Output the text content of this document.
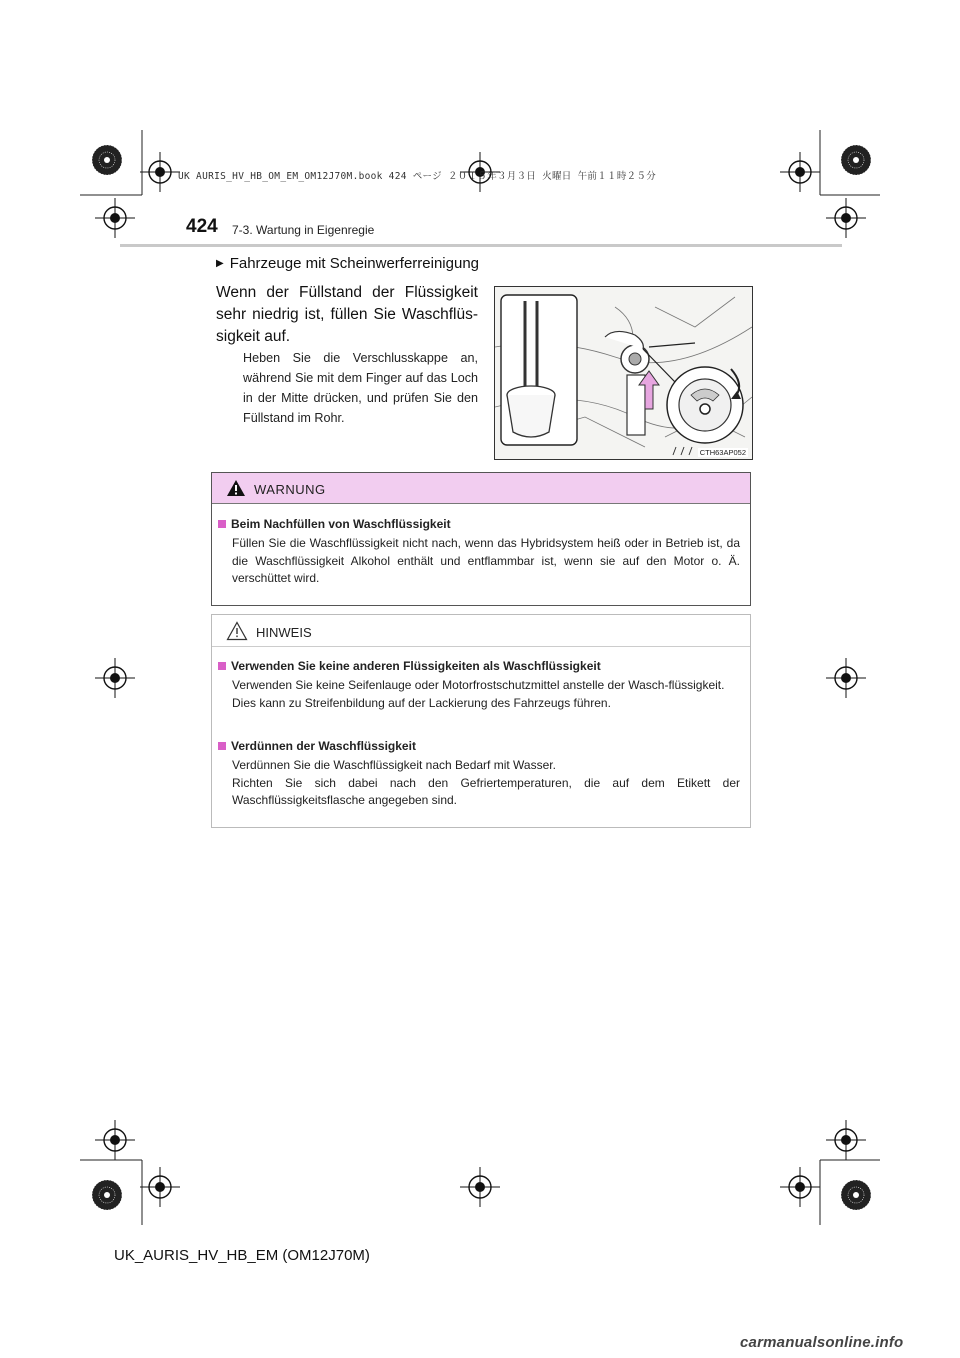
UK AURIS_HV_HB_OM_EM_OM12J70M.book 424 ページ ２０１５年３月３日 火曜日 午前１１時２５分
424 7-3. Wartung in Eigenregie
▶ Fahrzeuge mit Scheinwerferreinigung
Wenn der Füllstand der Flüssigkeit sehr niedrig ist, füllen Sie Waschflüs-sigkeit auf.
Heben Sie die Verschlusskappe an, während Sie mit dem Finger auf das Loch in der Mitte drücken, und prüfen Sie den Füllstand im Rohr.
CTH63AP052
WARNUNG
Beim Nachfüllen von Waschflüssigkeit
Füllen Sie die Waschflüssigkeit nicht nach, wenn das Hybridsystem heiß oder in Betrieb ist, da die Waschflüssigkeit Alkohol enthält und entflammbar ist, wenn sie auf den Motor o. Ä. verschüttet wird.
HINWEIS
Verwenden Sie keine anderen Flüssigkeiten als Waschflüssigkeit
Verwenden Sie keine Seifenlauge oder Motorfrostschutzmittel anstelle der Wasch-flüssigkeit.
Dies kann zu Streifenbildung auf der Lackierung des Fahrzeugs führen.
Verdünnen der Waschflüssigkeit
Verdünnen Sie die Waschflüssigkeit nach Bedarf mit Wasser.
Richten Sie sich dabei nach den Gefriertemperaturen, die auf dem Etikett der Waschflüssigkeitsflasche angegeben sind.
UK_AURIS_HV_HB_EM (OM12J70M)
carmanualsonline.info
